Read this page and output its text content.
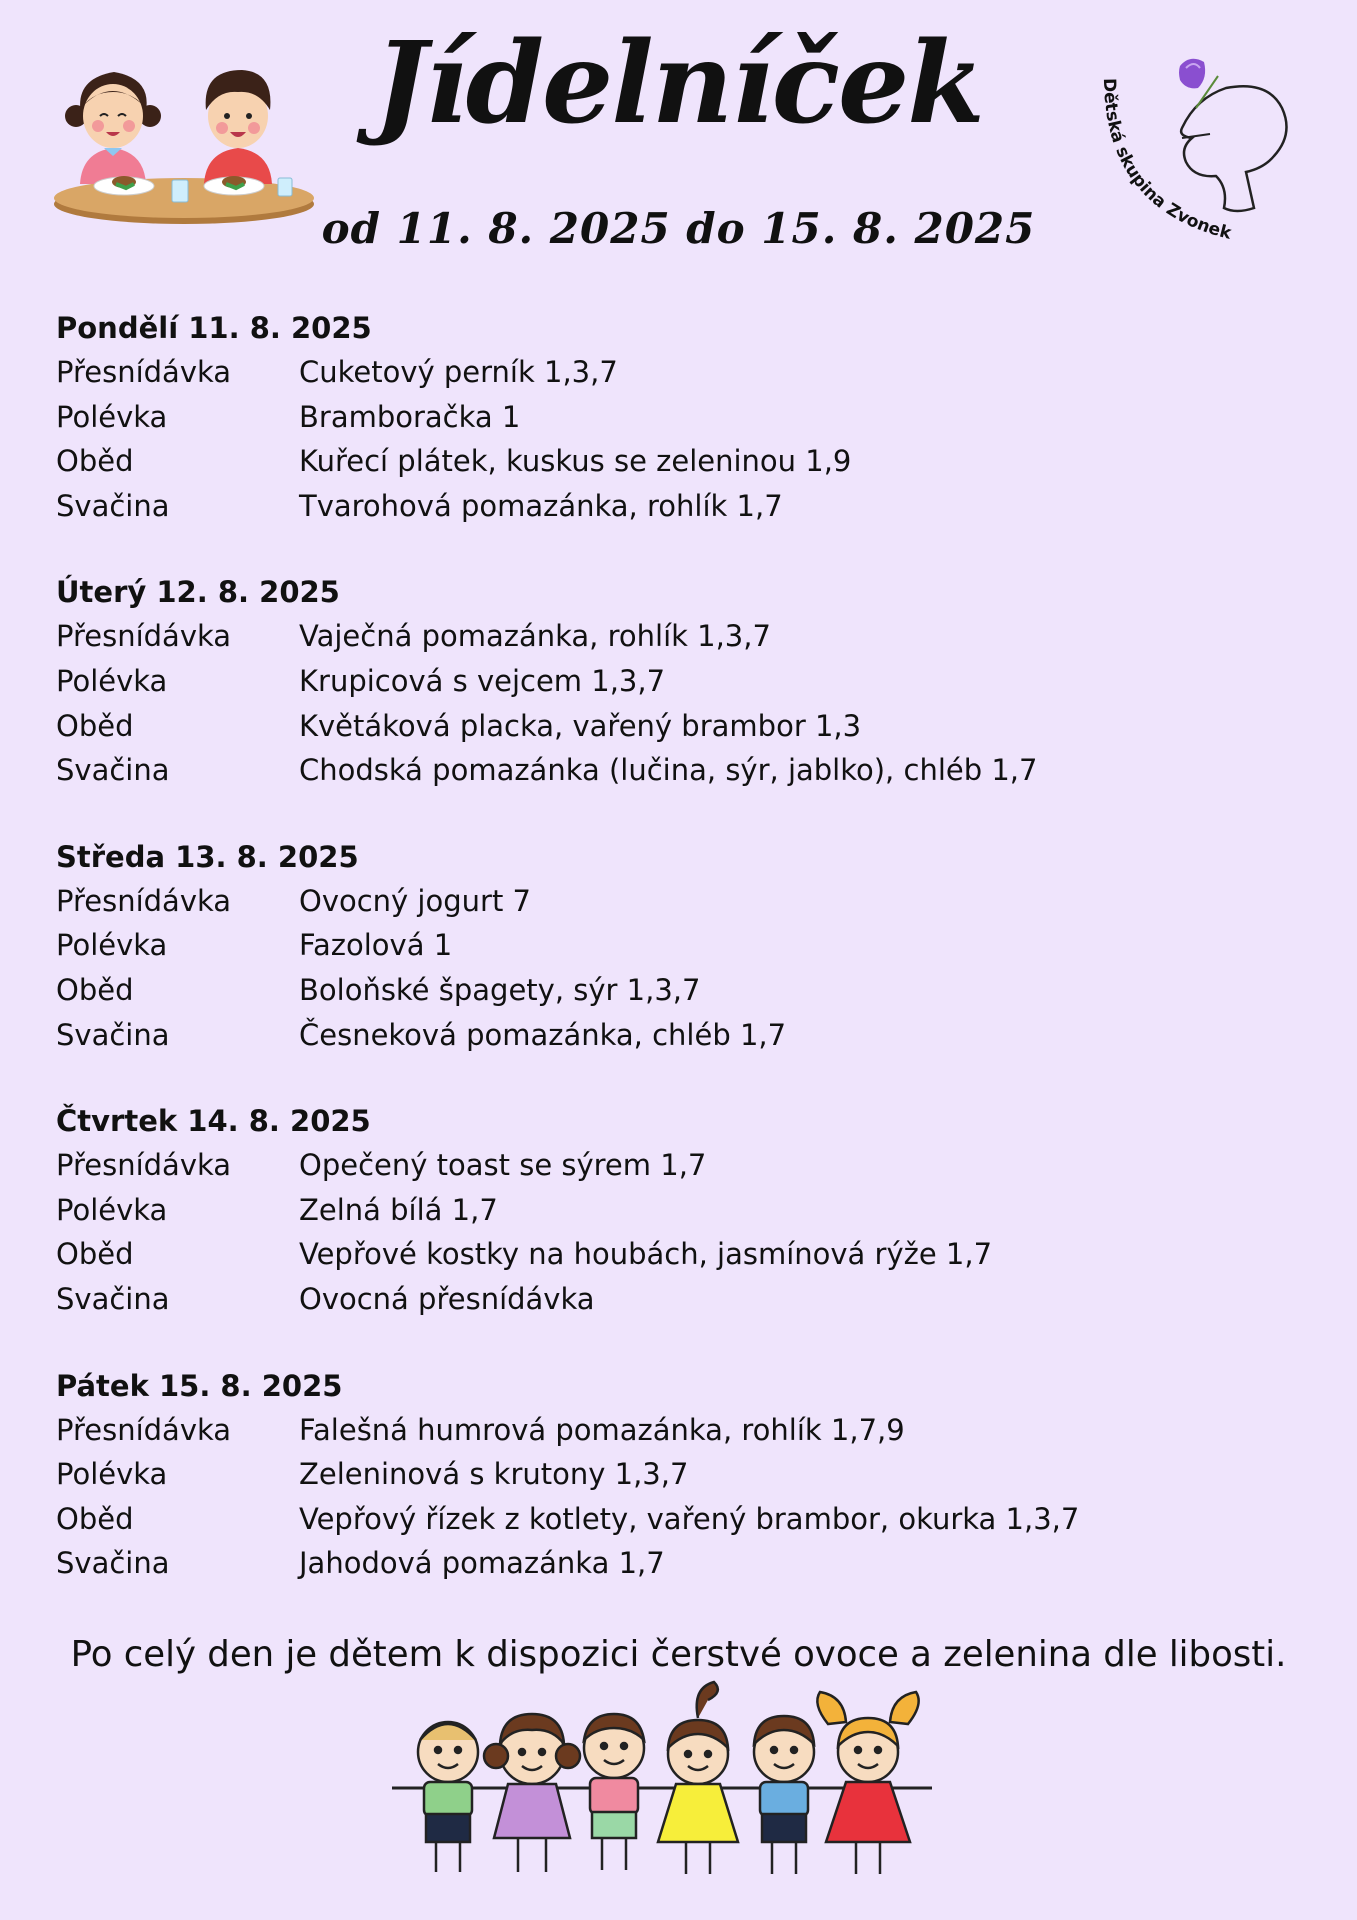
Jídelníček
od 11. 8. 2025 do 15. 8. 2025
Dětská skupina Zvonek
Pondělí 11. 8. 2025
Přesnídávka	Cuketový perník 1,3,7
Polévka	Bramboračka 1
Oběd	Kuřecí plátek, kuskus se zeleninou 1,9
Svačina	Tvarohová pomazánka, rohlík 1,7
Úterý 12. 8. 2025
Přesnídávka	Vaječná pomazánka, rohlík 1,3,7
Polévka	Krupicová s vejcem 1,3,7
Oběd	Květáková placka, vařený brambor 1,3
Svačina	Chodská pomazánka (lučina, sýr, jablko), chléb 1,7
Středa 13. 8. 2025
Přesnídávka	Ovocný jogurt 7
Polévka	Fazolová 1
Oběd	Boloňské špagety, sýr 1,3,7
Svačina	Česneková pomazánka, chléb 1,7
Čtvrtek 14. 8. 2025
Přesnídávka	Opečený toast se sýrem 1,7
Polévka	Zelná bílá 1,7
Oběd	Vepřové kostky na houbách, jasmínová rýže 1,7
Svačina	Ovocná přesnídávka
Pátek 15. 8. 2025
Přesnídávka	Falešná humrová pomazánka, rohlík 1,7,9
Polévka	Zeleninová s krutony 1,3,7
Oběd	Vepřový řízek z kotlety, vařený brambor, okurka 1,3,7
Svačina	Jahodová pomazánka 1,7
Po celý den je dětem k dispozici čerstvé ovoce a zelenina dle libosti.
